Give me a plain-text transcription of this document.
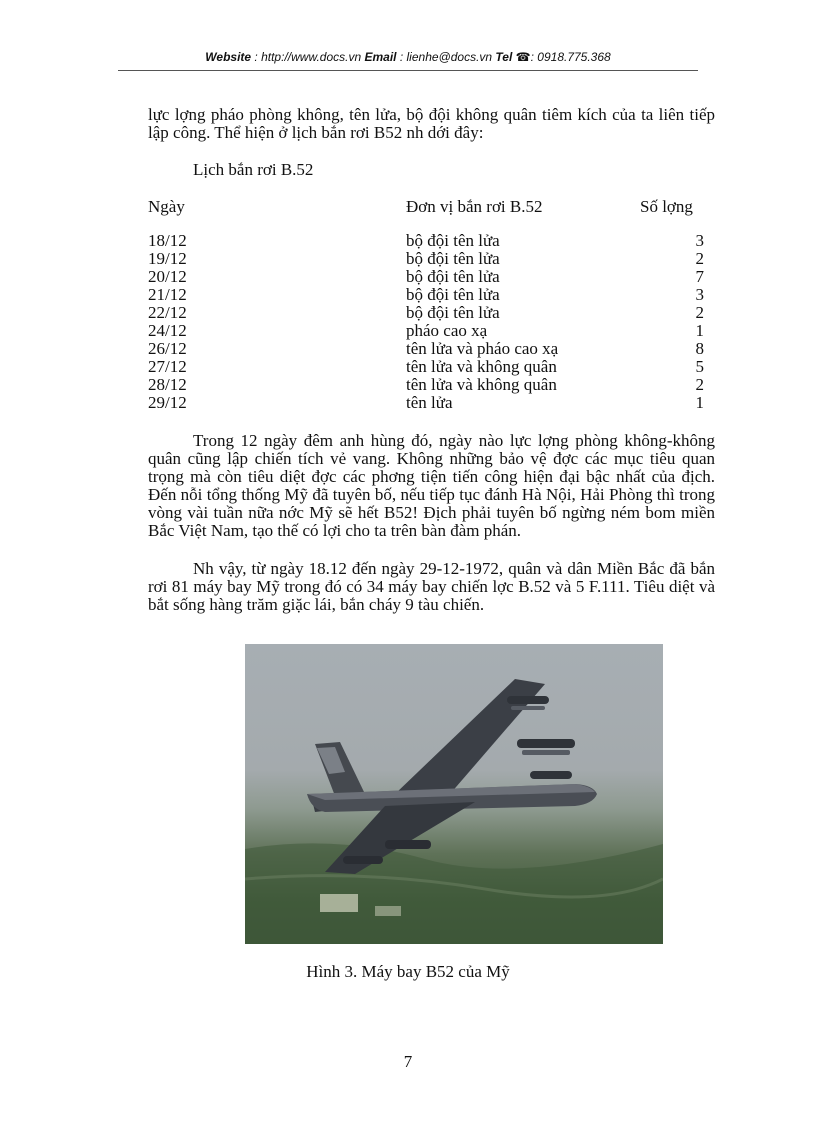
Website : http://www.docs.vn Email : lienhe@docs.vn Tel ☎: 0918.775.368

lực lợng pháo phòng không, tên lửa, bộ đội không quân tiêm kích của ta liên tiếp lập công. Thể hiện ở lịch bắn rơi B52 nh dới đây:

Lịch bắn rơi B.52
Ngày	Đơn vị bắn rơi B.52	Số lợng
18/12	bộ đội tên lửa	3
19/12	bộ đội tên lửa	2
20/12	bộ đội tên lửa	7
21/12	bộ đội tên lửa	3
22/12	bộ đội tên lửa	2
24/12	pháo cao xạ	1
26/12	tên lửa và pháo cao xạ	8
27/12	tên lửa và không quân	5
28/12	tên lửa và không quân	2
29/12	tên lửa	1

Trong 12 ngày đêm anh hùng đó, ngày nào lực lợng phòng không-không quân cũng lập chiến tích vẻ vang. Không những bảo vệ đợc các mục tiêu quan trọng mà còn tiêu diệt đợc các phơng tiện tiến công hiện đại bậc nhất của địch. Đến nỗi tổng thống Mỹ đã tuyên bố, nếu tiếp tục đánh Hà Nội, Hải Phòng thì trong vòng vài tuần nữa nớc Mỹ sẽ hết B52! Địch phải tuyên bố ngừng ném bom miền Bắc Việt Nam, tạo thế có lợi cho ta trên bàn đàm phán.

Nh vậy, từ ngày 18.12 đến ngày 29-12-1972, quân và dân Miền Bắc đã bắn rơi 81 máy bay Mỹ trong đó có 34 máy bay chiến lợc B.52 và 5 F.111. Tiêu diệt và bắt sống hàng trăm giặc lái, bắn cháy 9 tàu chiến.

Hình 3. Máy bay B52 của Mỹ
7
